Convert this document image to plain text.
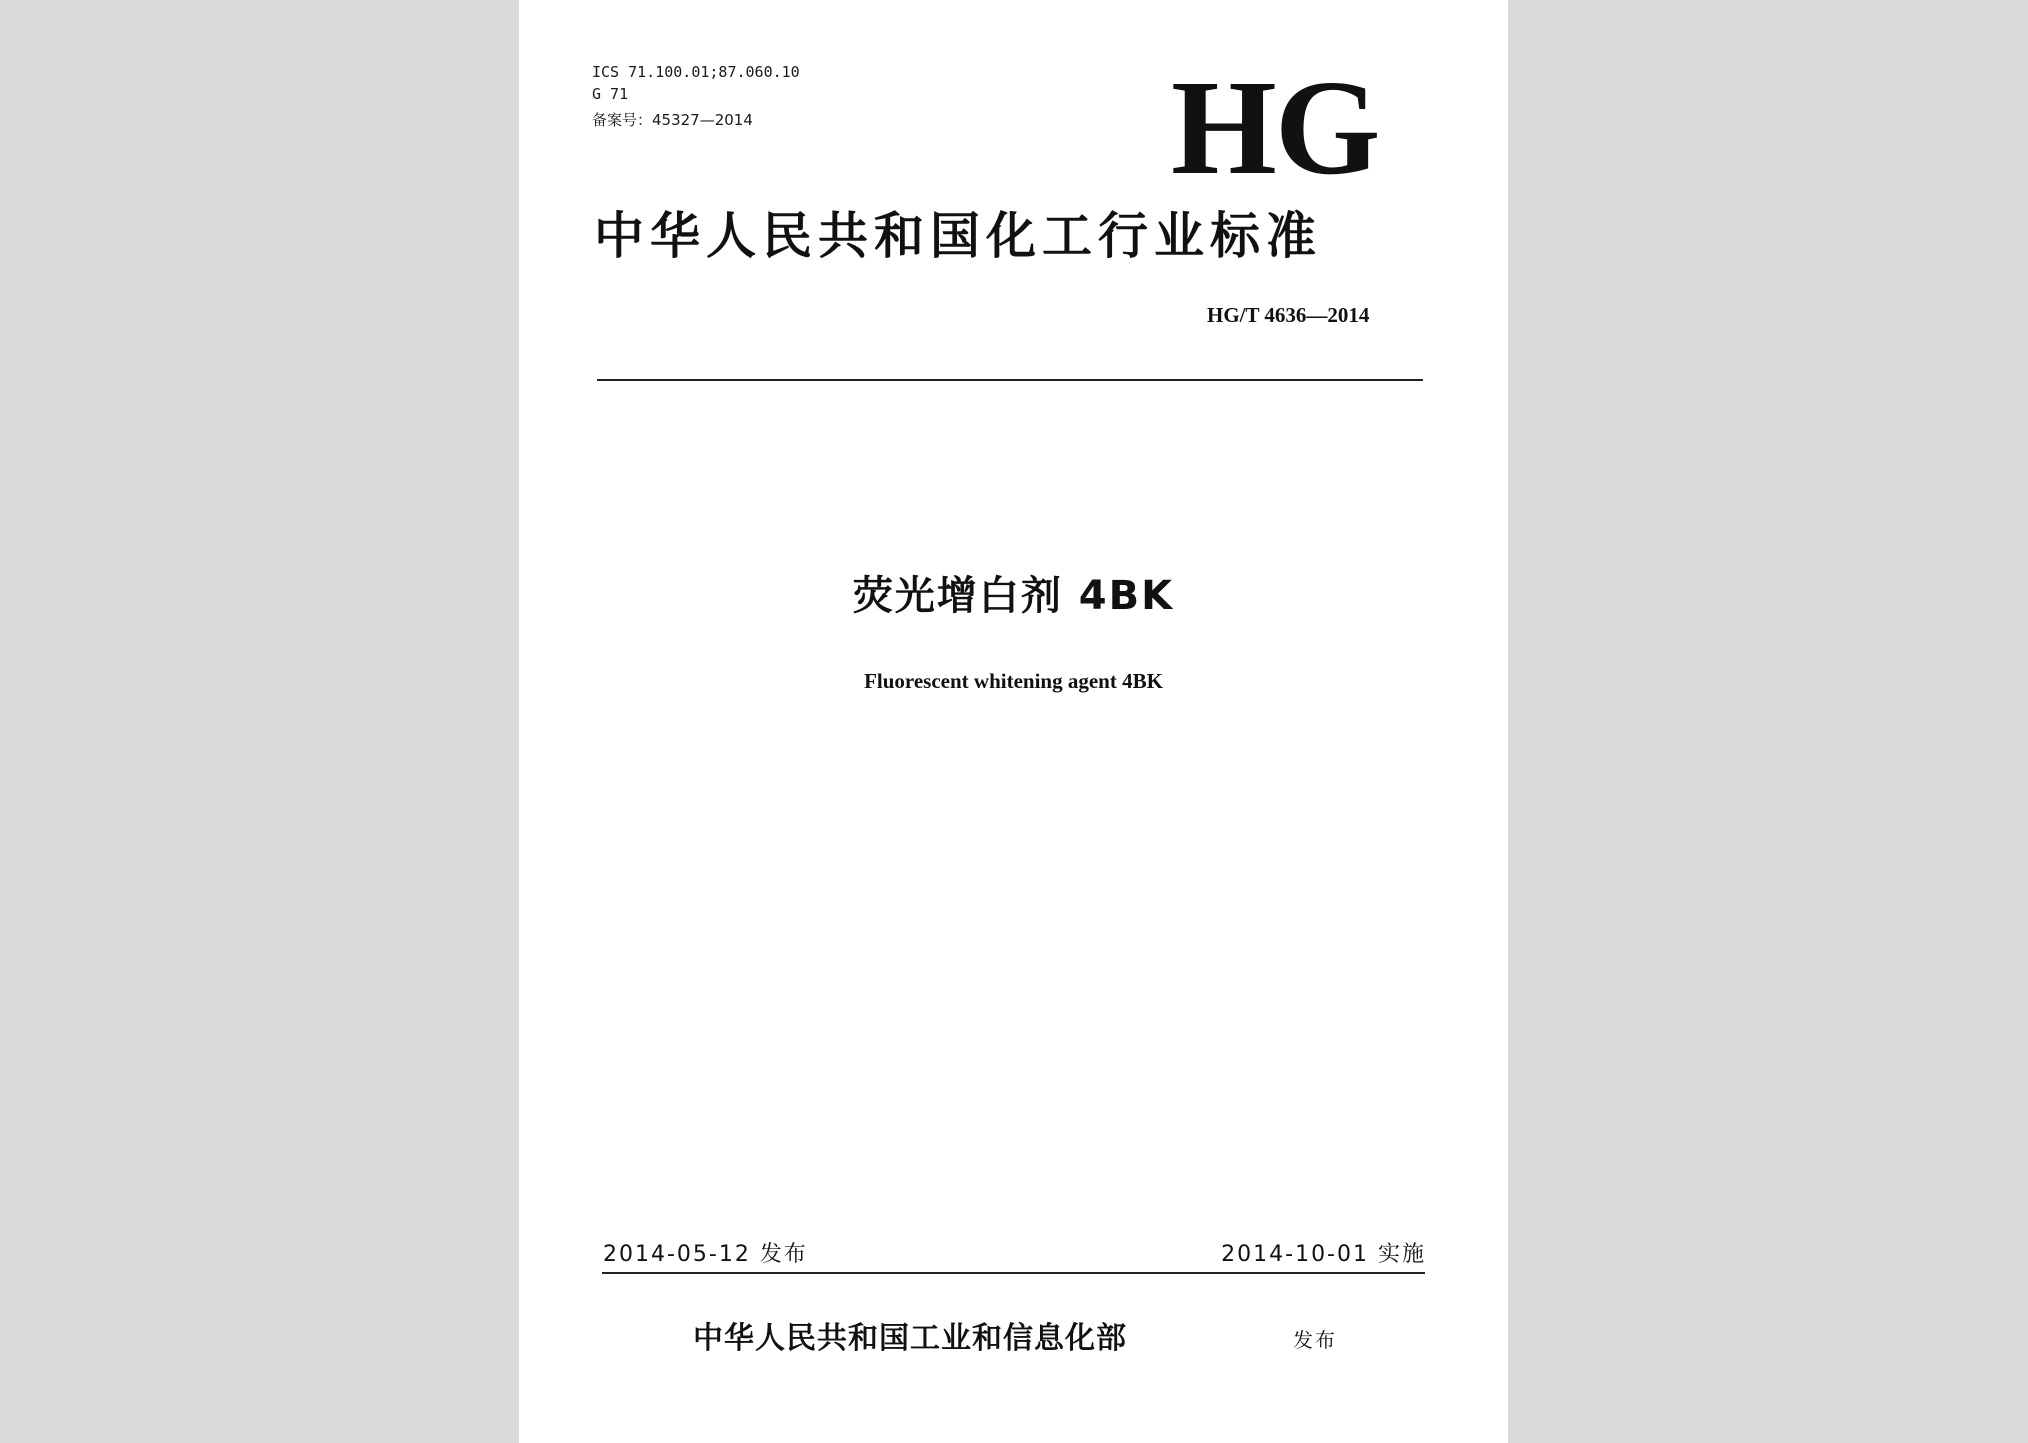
ICS 71.100.01;87.060.10
G 71
备案号：45327—2014	HG
中华人民共和国化工行业标准
HG/T 4636—2014
荧光增白剂 4BK
Fluorescent whitening agent 4BK
2014-05-12 发布	2014-10-01 实施
中华人民共和国工业和信息化部	发布
